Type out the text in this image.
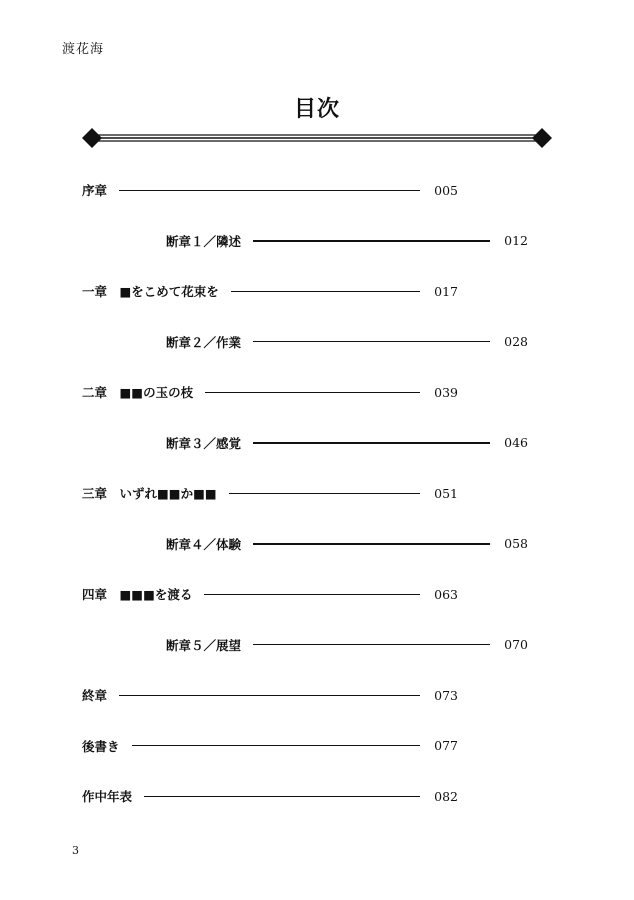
渡花海
目次
序章	005
断章１／隣述	012
一章　■をこめて花束を	017
断章２／作業	028
二章　■■の玉の枝	039
断章３／感覚	046
三章　いずれ■■か■■	051
断章４／体験	058
四章　■■■を渡る	063
断章５／展望	070
終章	073
後書き	077
作中年表	082
3
